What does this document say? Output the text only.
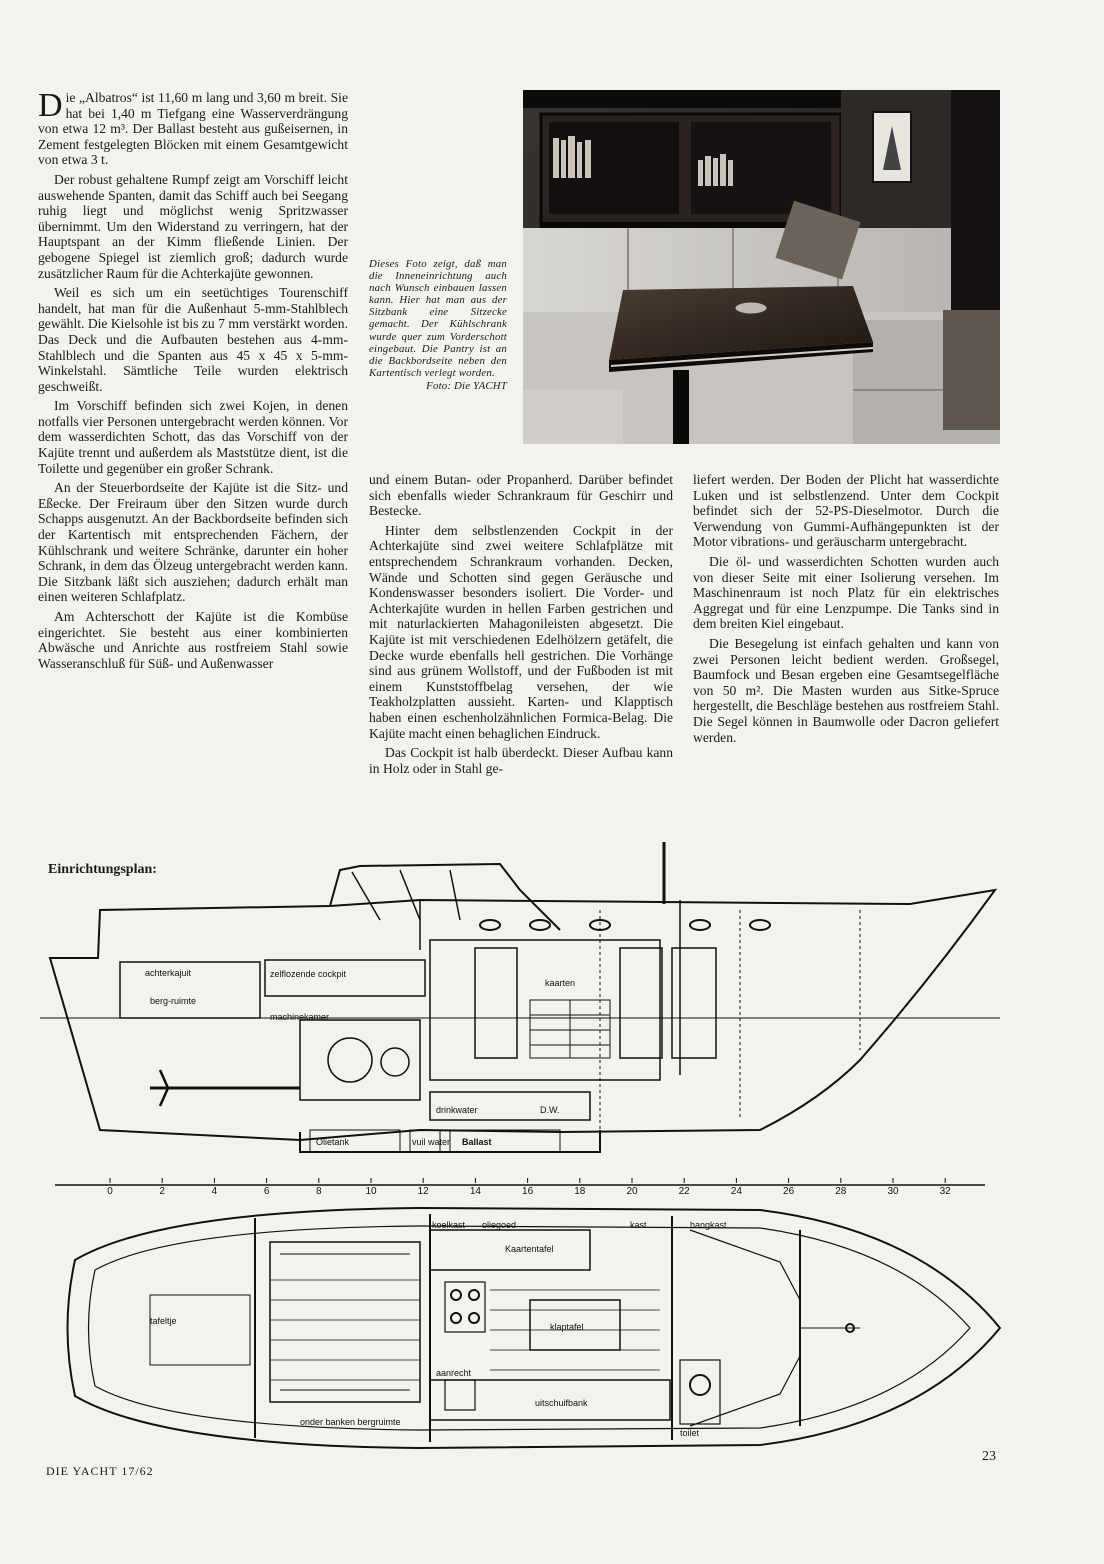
Die „Albatros“ ist 11,60 m lang und 3,60 m breit. Sie hat bei 1,40 m Tiefgang eine Wasserverdrängung von etwa 12 m³. Der Ballast besteht aus gußeisernen, in Zement festgelegten Blöcken mit einem Gesamtgewicht von etwa 3 t.

Der robust gehaltene Rumpf zeigt am Vorschiff leicht auswehende Spanten, damit das Schiff auch bei Seegang ruhig liegt und möglichst wenig Spritzwasser übernimmt. Um den Widerstand zu verringern, hat der Hauptspant an der Kimm fließende Linien. Der gebogene Spiegel ist ziemlich groß; dadurch wurde zusätzlicher Raum für die Achterkajüte gewonnen.

Weil es sich um ein seetüchtiges Tourenschiff handelt, hat man für die Außenhaut 5-mm-Stahlblech gewählt. Die Kielsohle ist bis zu 7 mm verstärkt worden. Das Deck und die Aufbauten bestehen aus 4-mm-Stahlblech und die Spanten aus 45 x 45 x 5-mm-Winkelstahl. Sämtliche Teile wurden elektrisch geschweißt.

Im Vorschiff befinden sich zwei Kojen, in denen notfalls vier Personen untergebracht werden können. Vor dem wasserdichten Schott, das das Vorschiff von der Kajüte trennt und außerdem als Maststütze dient, ist die Toilette und gegenüber ein großer Schrank.

An der Steuerbordseite der Kajüte ist die Sitz- und Eßecke. Der Freiraum über den Sitzen wurde durch Schapps ausgenutzt. An der Backbordseite befinden sich der Kartentisch mit entsprechenden Fächern, der Kühlschrank und weitere Schränke, darunter ein hoher Schrank, in dem das Ölzeug untergebracht werden kann. Die Sitzbank läßt sich ausziehen; dadurch erhält man einen weiteren Schlafplatz.

Am Achterschott der Kajüte ist die Kombüse eingerichtet. Sie besteht aus einer kombinierten Abwäsche und Anrichte aus rostfreiem Stahl sowie Wasseranschluß für Süß- und Außenwasser

Dieses Foto zeigt, daß man die Inneneinrichtung auch nach Wunsch einbauen lassen kann. Hier hat man aus der Sitzbank eine Sitzecke gemacht. Der Kühlschrank wurde quer zum Vorderschott eingebaut. Die Pantry ist an die Backbordseite neben den Kartentisch verlegt worden.
Foto: Die YACHT

und einem Butan- oder Propanherd. Darüber befindet sich ebenfalls wieder Schrankraum für Geschirr und Bestecke.

Hinter dem selbstlenzenden Cockpit in der Achterkajüte sind zwei weitere Schlafplätze mit entsprechendem Schrankraum vorhanden. Decken, Wände und Schotten sind gegen Geräusche und Kondenswasser besonders isoliert. Die Vorder- und Achterkajüte wurden in hellen Farben gestrichen und mit naturlackierten Mahagonileisten abgesetzt. Die Kajüte ist mit verschiedenen Edelhölzern getäfelt, die Decke wurde ebenfalls hell gestrichen. Die Vorhänge sind aus grünem Wollstoff, und der Fußboden ist mit einem Kunststoffbelag versehen, der wie Teakholzplatten aussieht. Karten- und Klapptisch haben einen eschenholzähnlichen Formica-Belag. Die Kajüte macht einen behaglichen Eindruck.

Das Cockpit ist halb überdeckt. Dieser Aufbau kann in Holz oder in Stahl ge-

liefert werden. Der Boden der Plicht hat wasserdichte Luken und ist selbstlenzend. Unter dem Cockpit befindet sich der 52-PS-Dieselmotor. Durch die Verwendung von Gummi-Aufhängepunkten ist der Motor vibrations- und geräuscharm untergebracht.

Die öl- und wasserdichten Schotten wurden auch von dieser Seite mit einer Isolierung versehen. Im Maschinenraum ist noch Platz für ein elektrisches Aggregat und für eine Lenzpumpe. Die Tanks sind in dem breiten Kiel eingebaut.

Die Besegelung ist einfach gehalten und kann von zwei Personen leicht bedient werden. Großsegel, Baumfock und Besan ergeben eine Gesamtsegelfläche von 50 m². Die Masten wurden aus Sitke-Spruce hergestellt, die Beschläge bestehen aus rostfreiem Stahl. Die Segel können in Baumwolle oder Dacron geliefert werden.

Einrichtungsplan:
achterkajuit	zelflozende cockpit
berg-ruimte
machinekamer
kaarten
drinkwater	D.W.
Olietank	vuil water Ballast
0	2	4	6	8	10	12	14	16	18	20	22	24	26	28	30	32
tafeltje
koelkast oliegoed
Kaartentafel
kast	hangkast
klaptafel
aanrecht
onder banken bergruimte
uitschuifbank
toilet
DIE YACHT 17/62
23
